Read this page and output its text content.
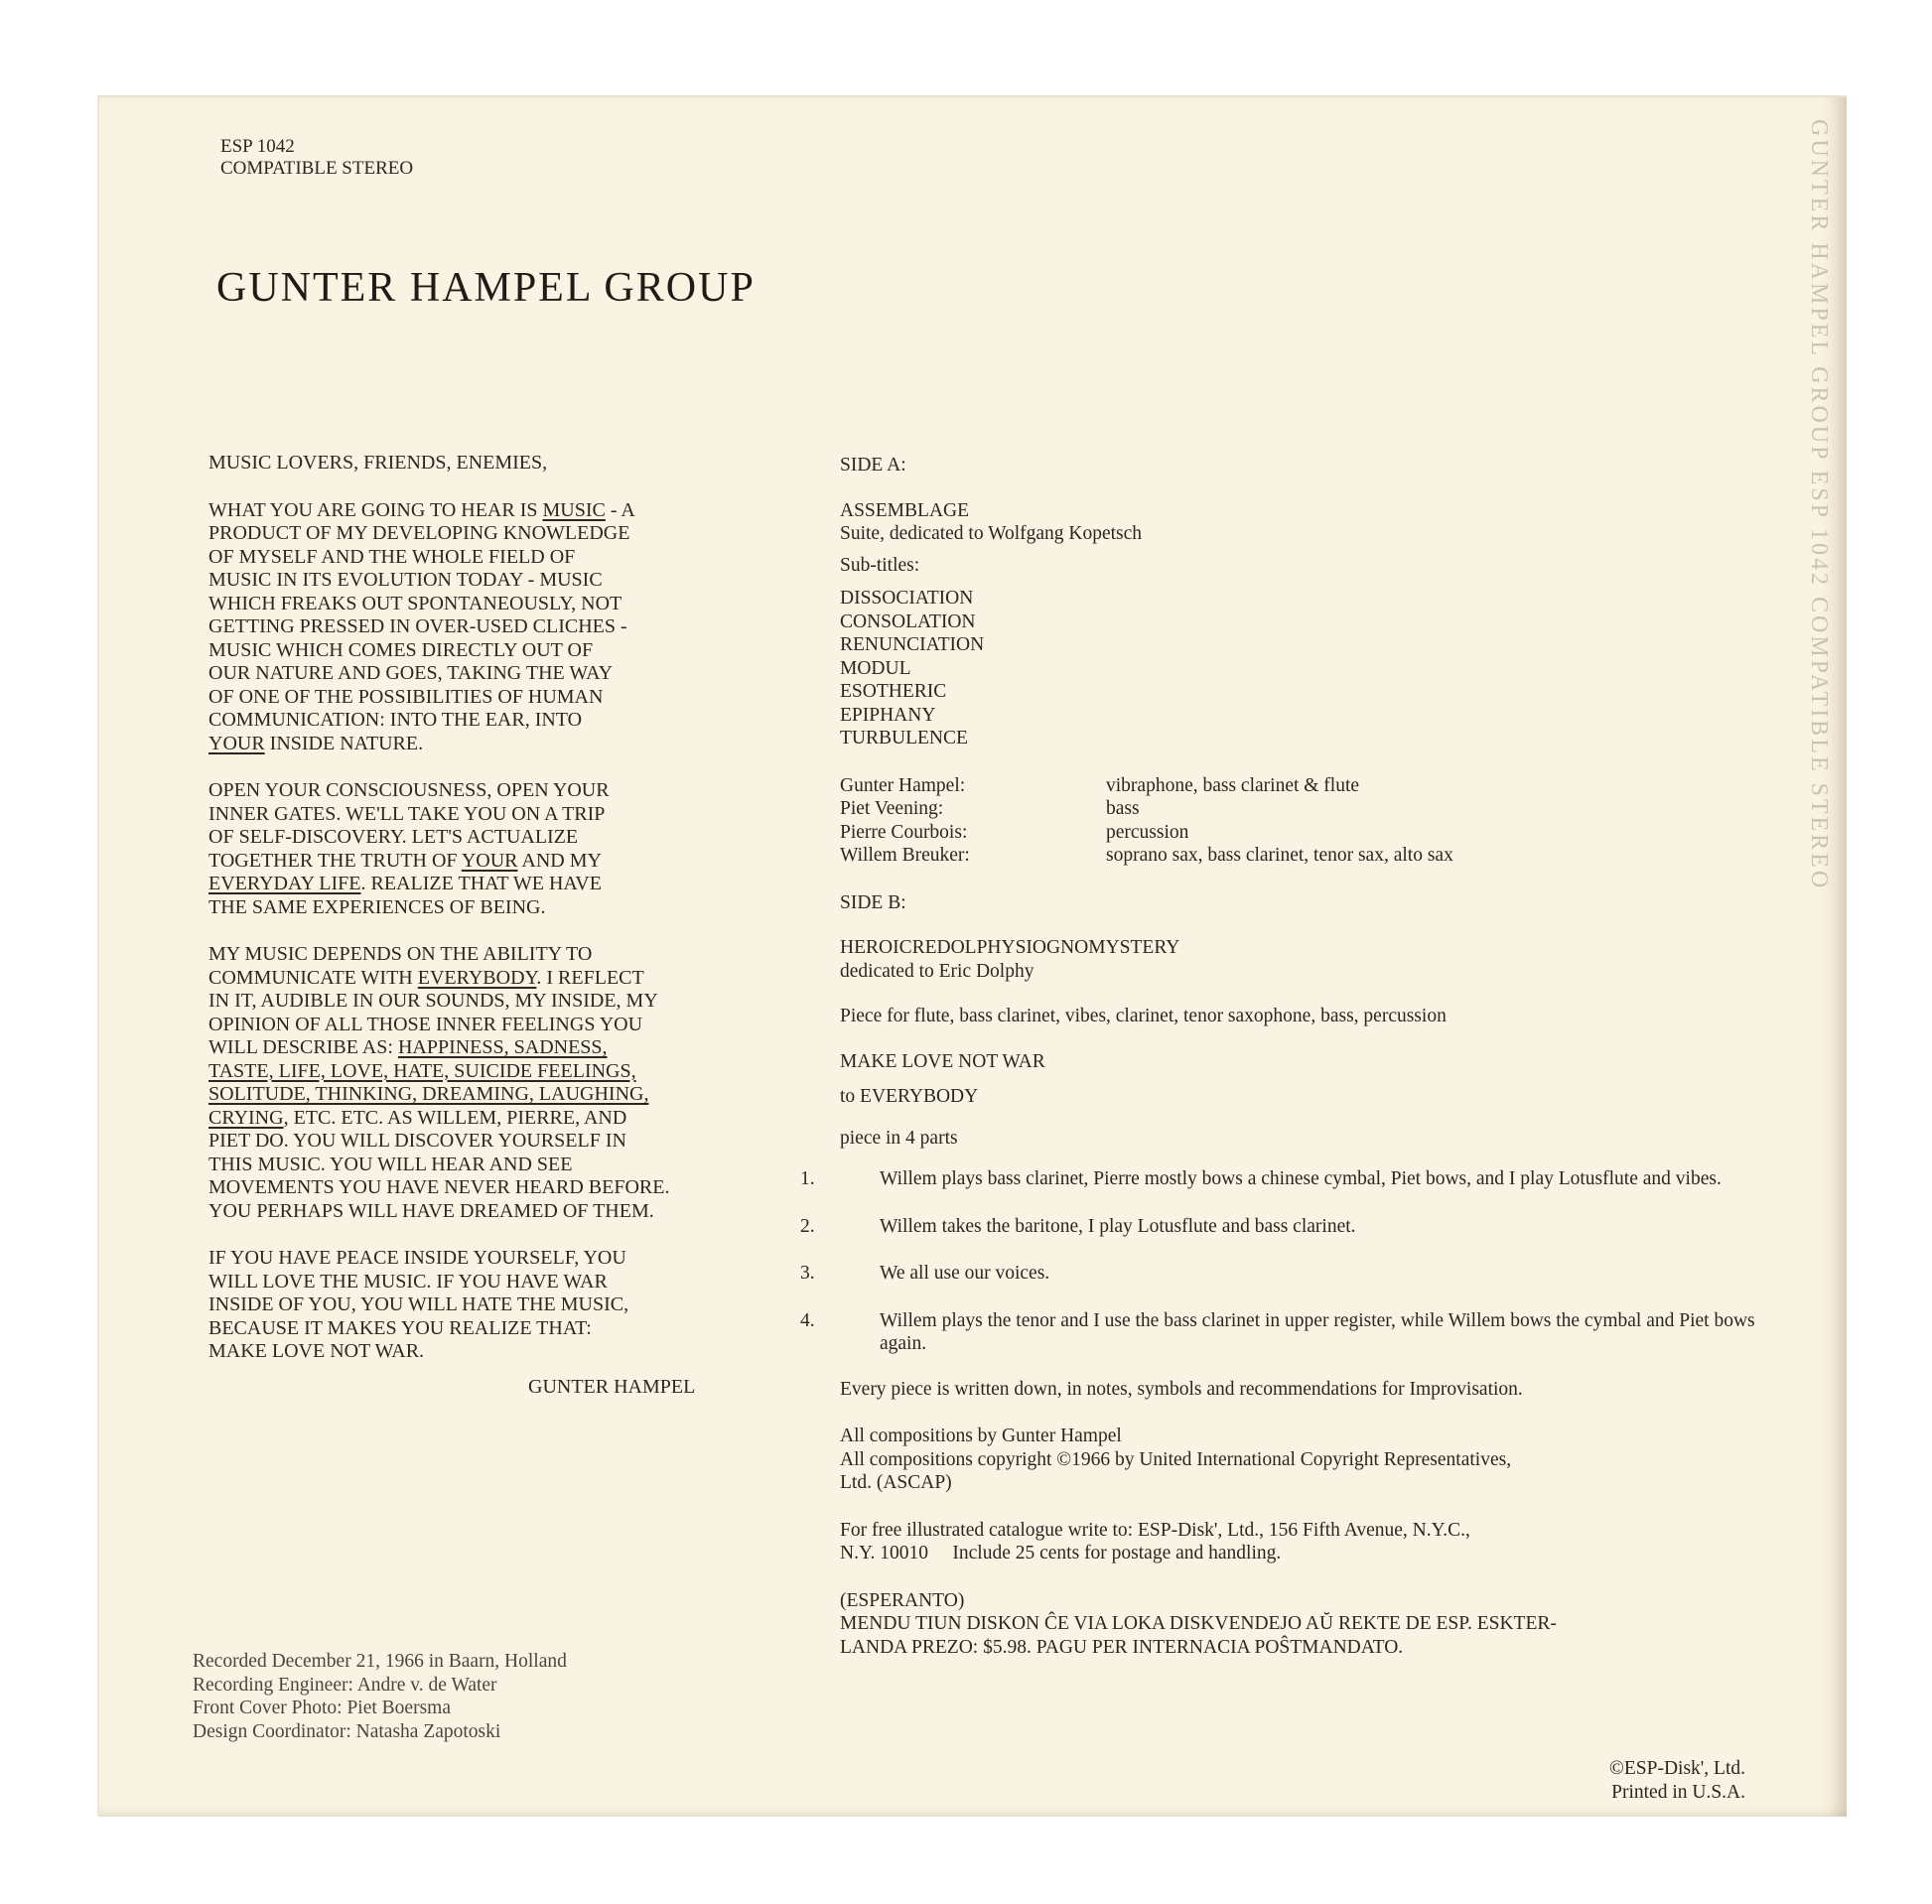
GUNTER HAMPEL GROUP ESP 1042 COMPATIBLE STEREO
ESP 1042
COMPATIBLE STEREO
GUNTER HAMPEL GROUP

MUSIC LOVERS, FRIENDS, ENEMIES,

WHAT YOU ARE GOING TO HEAR IS MUSIC - A

PRODUCT OF MY DEVELOPING KNOWLEDGE

OF MYSELF AND THE WHOLE FIELD OF

MUSIC IN ITS EVOLUTION TODAY - MUSIC

WHICH FREAKS OUT SPONTANEOUSLY, NOT

GETTING PRESSED IN OVER-USED CLICHES -

MUSIC WHICH COMES DIRECTLY OUT OF

OUR NATURE AND GOES, TAKING THE WAY

OF ONE OF THE POSSIBILITIES OF HUMAN

COMMUNICATION: INTO THE EAR, INTO

YOUR INSIDE NATURE.

OPEN YOUR CONSCIOUSNESS, OPEN YOUR

INNER GATES. WE'LL TAKE YOU ON A TRIP

OF SELF-DISCOVERY. LET'S ACTUALIZE

TOGETHER THE TRUTH OF YOUR AND MY

EVERYDAY LIFE. REALIZE THAT WE HAVE

THE SAME EXPERIENCES OF BEING.

MY MUSIC DEPENDS ON THE ABILITY TO

COMMUNICATE WITH EVERYBODY. I REFLECT

IN IT, AUDIBLE IN OUR SOUNDS, MY INSIDE, MY

OPINION OF ALL THOSE INNER FEELINGS YOU

WILL DESCRIBE AS: HAPPINESS, SADNESS,

TASTE, LIFE, LOVE, HATE, SUICIDE FEELINGS,

SOLITUDE, THINKING, DREAMING, LAUGHING,

CRYING, ETC. ETC. AS WILLEM, PIERRE, AND

PIET DO. YOU WILL DISCOVER YOURSELF IN

THIS MUSIC. YOU WILL HEAR AND SEE

MOVEMENTS YOU HAVE NEVER HEARD BEFORE.

YOU PERHAPS WILL HAVE DREAMED OF THEM.

IF YOU HAVE PEACE INSIDE YOURSELF, YOU

WILL LOVE THE MUSIC. IF YOU HAVE WAR

INSIDE OF YOU, YOU WILL HATE THE MUSIC,

BECAUSE IT MAKES YOU REALIZE THAT:

MAKE LOVE NOT WAR.

GUNTER HAMPEL

Recorded December 21, 1966 in Baarn, Holland
Recording Engineer: Andre v. de Water
Front Cover Photo: Piet Boersma
Design Coordinator: Natasha Zapotoski

SIDE A:

ASSEMBLAGE

Suite, dedicated to Wolfgang Kopetsch

Sub-titles:

DISSOCIATION

CONSOLATION

RENUNCIATION

MODUL

ESOTHERIC

EPIPHANY

TURBULENCE

Gunter Hampel:	vibraphone, bass clarinet & flute
Piet Veening:	bass
Pierre Courbois:	percussion
Willem Breuker:	soprano sax, bass clarinet, tenor sax, alto sax

SIDE B:

HEROICREDOLPHYSIOGNOMYSTERY

dedicated to Eric Dolphy

Piece for flute, bass clarinet, vibes, clarinet, tenor saxophone, bass, percussion

MAKE LOVE NOT WAR

to EVERYBODY

piece in 4 parts

1.	Willem plays bass clarinet, Pierre mostly bows a chinese cymbal, Piet bows, and I play Lotusflute and vibes.

2.	Willem takes the baritone, I play Lotusflute and bass clarinet.

3.	We all use our voices.

4.	Willem plays the tenor and I use the bass clarinet in upper register, while Willem bows the cymbal and Piet bows again.

Every piece is written down, in notes, symbols and recommendations for Improvisation.

All compositions by Gunter Hampel

All compositions copyright ©1966 by United International Copyright Representatives,

Ltd. (ASCAP)

For free illustrated catalogue write to: ESP-Disk', Ltd., 156 Fifth Avenue, N.Y.C.,

N.Y. 10010     Include 25 cents for postage and handling.

(ESPERANTO)

MENDU TIUN DISKON ĈE VIA LOKA DISKVENDEJO AŬ REKTE DE ESP. ESKTER-

LANDA PREZO: $5.98. PAGU PER INTERNACIA POŜTMANDATO.

©ESP-Disk', Ltd.

Printed in U.S.A.
